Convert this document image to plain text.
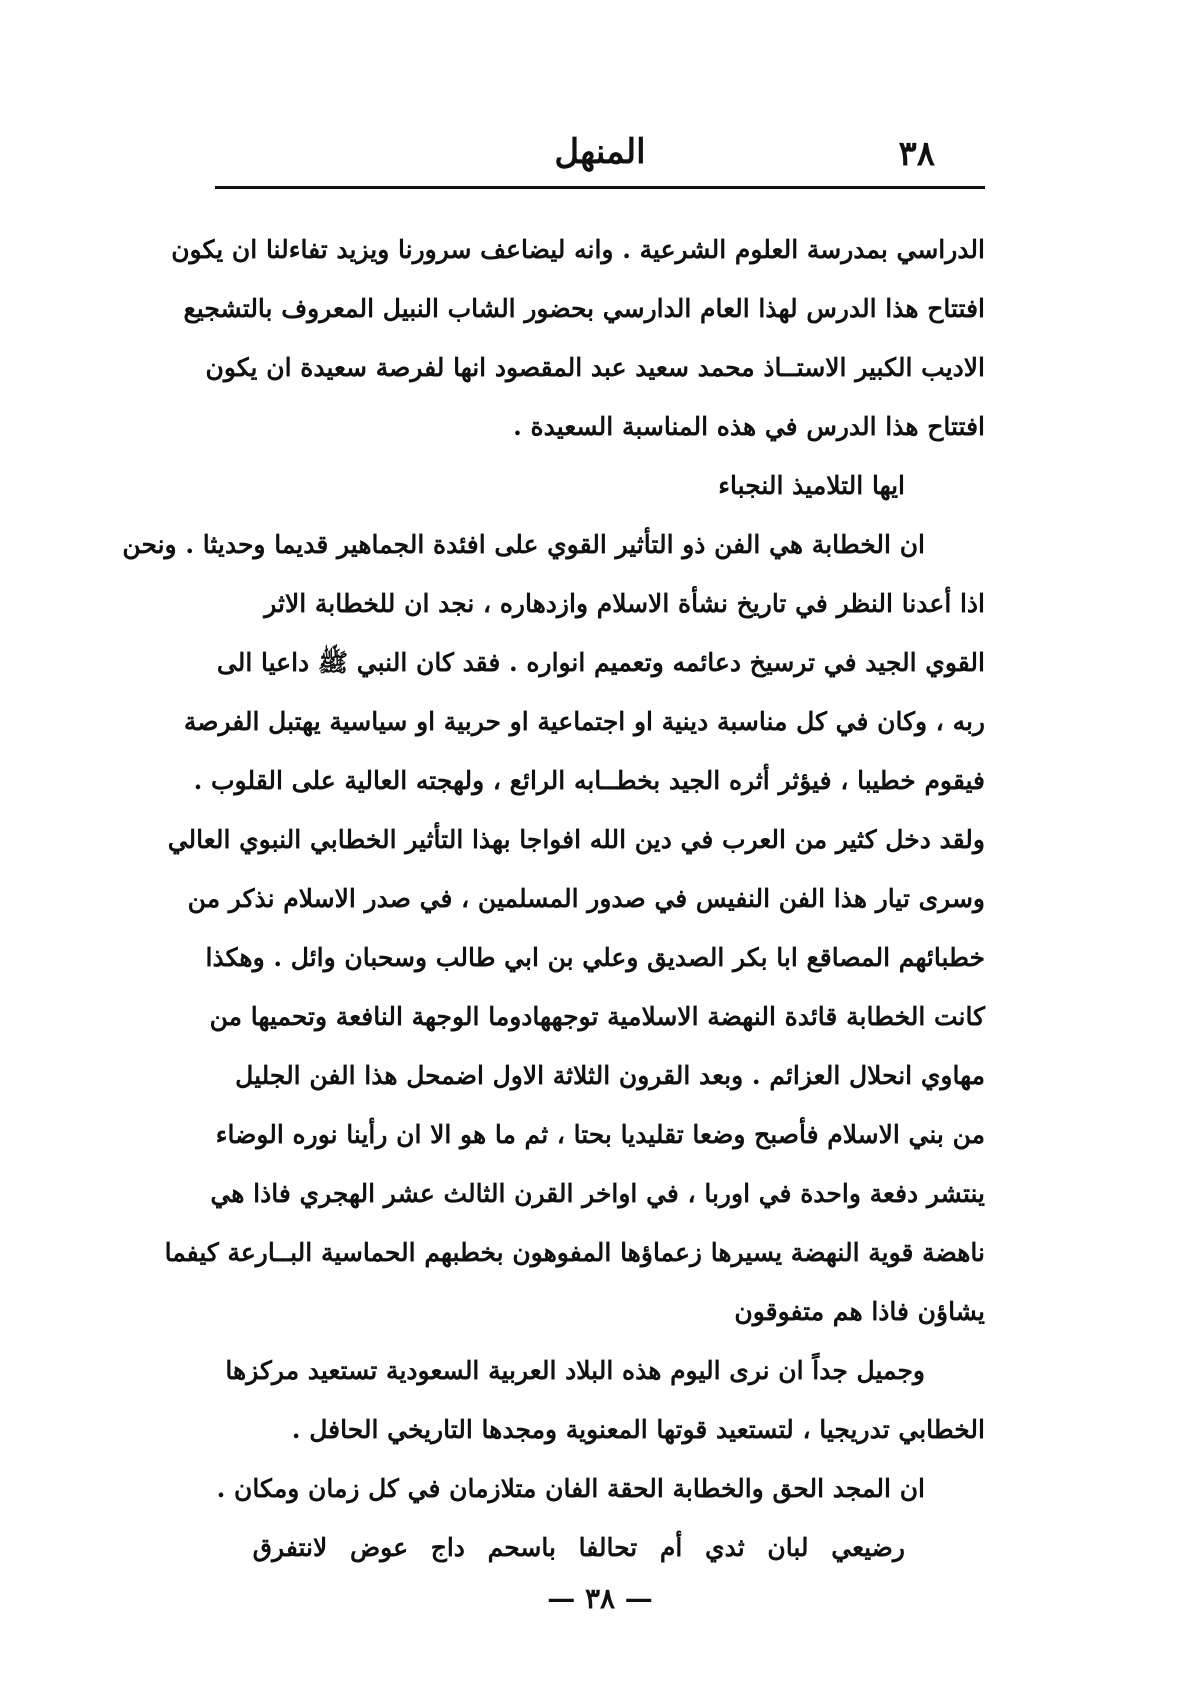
٣٨
المنهل
الدراسي بمدرسة العلوم الشرعية . وانه ليضاعف سرورنا ويزيد تفاءلنا ان يكون
افتتاح هذا الدرس لهذا العام الدارسي بحضور الشاب النبيل المعروف بالتشجيع
الاديب الكبير الاستــاذ محمد سعيد عبد المقصود انها لفرصة سعيدة ان يكون
افتتاح هذا الدرس في هذه المناسبة السعيدة .
ايها التلاميذ النجباء
ان الخطابة هي الفن ذو التأثير القوي على افئدة الجماهير قديما وحديثا . ونحن
اذا أعدنا النظر في تاريخ نشأة الاسلام وازدهاره ، نجد ان للخطابة الاثر
القوي الجيد في ترسيخ دعائمه وتعميم انواره . فقد كان النبي ﷺ داعيا الى
ربه ، وكان في كل مناسبة دينية او اجتماعية او حربية او سياسية يهتبل الفرصة
فيقوم خطيبا ، فيؤثر أثره الجيد بخطــابه الرائع ، ولهجته العالية على القلوب .
ولقد دخل كثير من العرب في دين الله افواجا بهذا التأثير الخطابي النبوي العالي
وسرى تيار هذا الفن النفيس في صدور المسلمين ، في صدر الاسلام نذكر من
خطبائهم المصاقع ابا بكر الصديق وعلي بن ابي طالب وسحبان وائل . وهكذا
كانت الخطابة قائدة النهضة الاسلامية توجههادوما الوجهة النافعة وتحميها من
مهاوي انحلال العزائم . وبعد القرون الثلاثة الاول اضمحل هذا الفن الجليل
من بني الاسلام فأصبح وضعا تقليديا بحتا ، ثم ما هو الا ان رأينا نوره الوضاء
ينتشر دفعة واحدة في اوربا ، في اواخر القرن الثالث عشر الهجري فاذا هي
ناهضة قوية النهضة يسيرها زعماؤها المفوهون بخطبهم الحماسية البــارعة كيفما
يشاؤن فاذا هم متفوقون
وجميل جداً ان نرى اليوم هذه البلاد العربية السعودية تستعيد مركزها
الخطابي تدريجيا ، لتستعيد قوتها المعنوية ومجدها التاريخي الحافل .
ان المجد الحق والخطابة الحقة الفان متلازمان في كل زمان ومكان .
رضيعي لبان ثدي أم تحالفا باسحم داج عوض لانتفرق
— ٣٨ —
